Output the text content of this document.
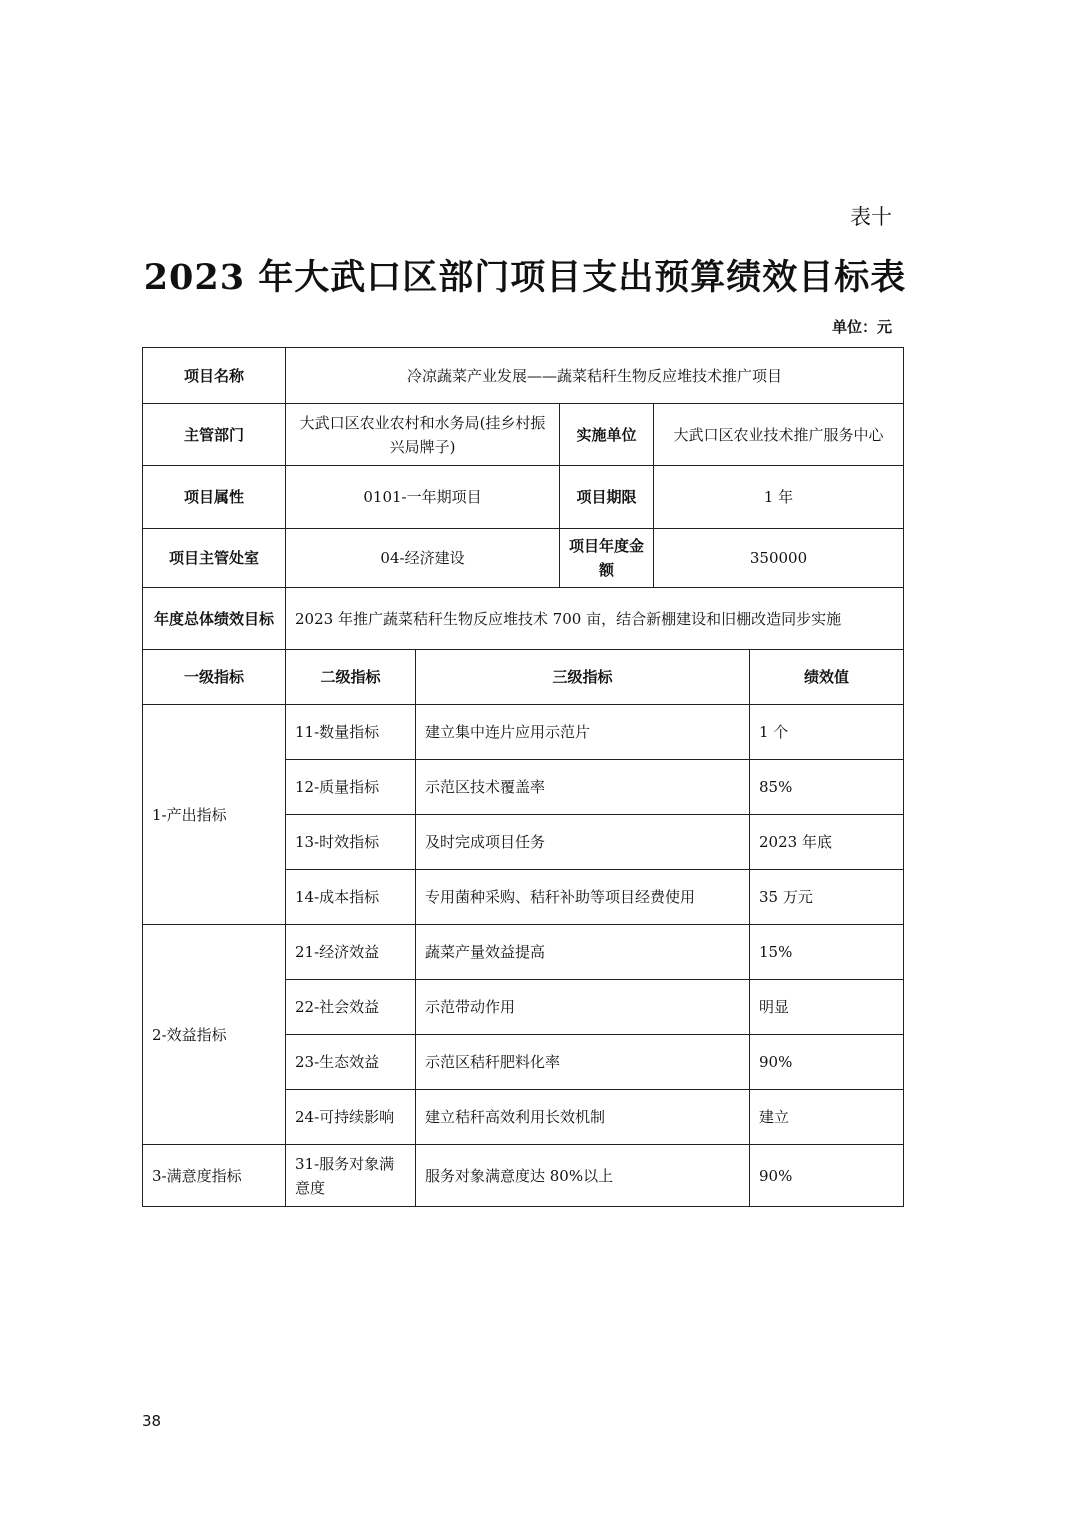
表十
2023 年大武口区部门项目支出预算绩效目标表
单位：元
项目名称	冷凉蔬菜产业发展——蔬菜秸秆生物反应堆技术推广项目				
主管部门	大武口区农业农村和水务局(挂乡村振兴局牌子)		实施单位	大武口区农业技术推广服务中心	
项目属性	0101-一年期项目		项目期限	1 年	
项目主管处室	04-经济建设		项目年度金额	350000	
年度总体绩效目标	2023 年推广蔬菜秸秆生物反应堆技术 700 亩，结合新棚建设和旧棚改造同步实施				
一级指标	二级指标	三级指标			绩效值
1-产出指标	11-数量指标	建立集中连片应用示范片			1 个
	12-质量指标	示范区技术覆盖率			85%
	13-时效指标	及时完成项目任务			2023 年底
	14-成本指标	专用菌种采购、秸秆补助等项目经费使用			35 万元
2-效益指标	21-经济效益	蔬菜产量效益提高			15%
	22-社会效益	示范带动作用			明显
	23-生态效益	示范区秸秆肥料化率			90%
	24-可持续影响	建立秸秆高效利用长效机制			建立
3-满意度指标	31-服务对象满意度	服务对象满意度达 80%以上			90%
38
